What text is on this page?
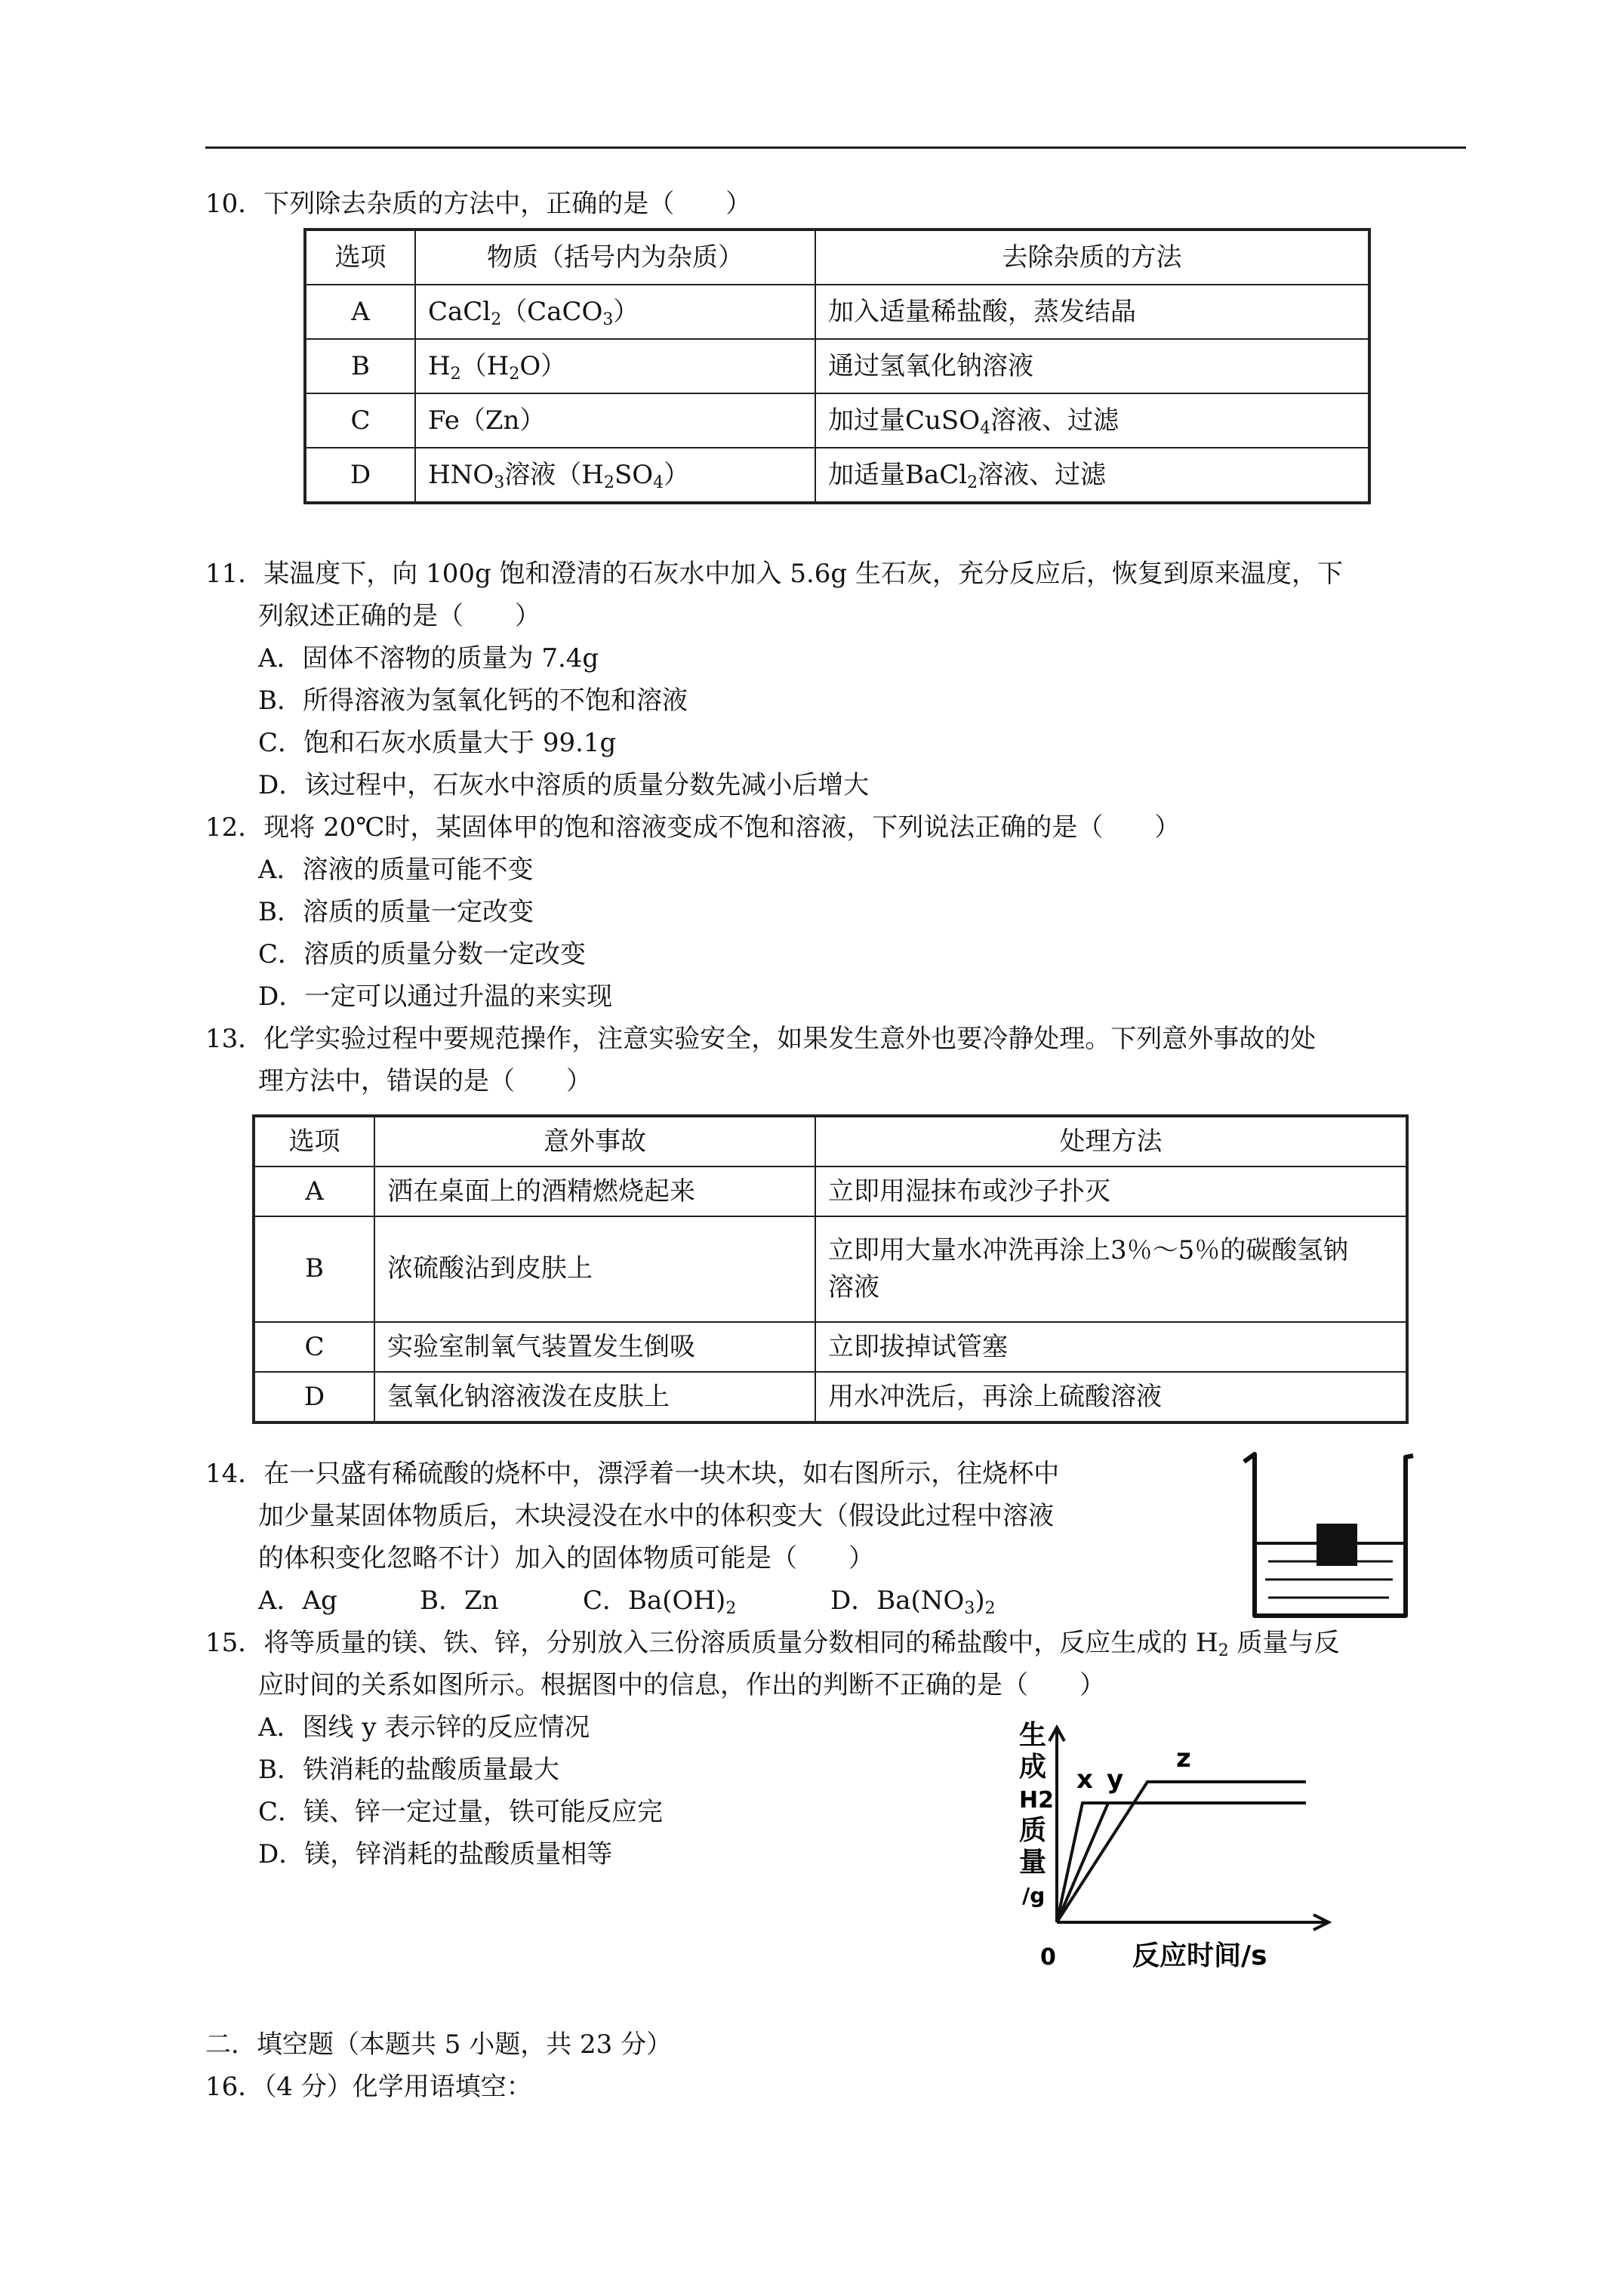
10．下列除去杂质的方法中，正确的是（　　）
选项	物质（括号内为杂质）	去除杂质的方法
A	CaCl$_2$（CaCO$_3$）	加入适量稀盐酸，蒸发结晶
B	$H_2(H_2O)$	通过氢氧化钠溶液
C	Fe（Zn）	加过量CuSO$_4$溶液、过滤
D	$HNO_3$溶液$(H_2SO_4)$	加适量BaCl$_2$溶液、过滤
11．某温度下，向 100g 饱和澄清的石灰水中加入 5.6g 生石灰，充分反应后，恢复到原来温度，下
列叙述正确的是（　　）
A．固体不溶物的质量为 7.4g
B．所得溶液为氢氧化钙的不饱和溶液
C．饱和石灰水质量大于 99.1g
D．该过程中，石灰水中溶质的质量分数先减小后增大
12．现将 20℃时，某固体甲的饱和溶液变成不饱和溶液，下列说法正确的是（　　）
A．溶液的质量可能不变
B．溶质的质量一定改变
C．溶质的质量分数一定改变
D．一定可以通过升温的来实现
13．化学实验过程中要规范操作，注意实验安全，如果发生意外也要冷静处理。下列意外事故的处
理方法中，错误的是（　　）
选项	意外事故	处理方法
A	洒在桌面上的酒精燃烧起来	立即用湿抹布或沙子扑灭
B	浓硫酸沾到皮肤上	立即用大量水冲洗再涂上3％～5％的碳酸氢钠
溶液

C	实验室制氧气装置发生倒吸	立即拔掉试管塞
D	氢氧化钠溶液泼在皮肤上	用水冲洗后，再涂上硫酸溶液
14．在一只盛有稀硫酸的烧杯中，漂浮着一块木块，如右图所示，往烧杯中
加少量某固体物质后，木块浸没在水中的体积变大（假设此过程中溶液
的体积变化忽略不计）加入的固体物质可能是（　　）
A．Ag	B．Zn	C．$Ba(OH)_2$	D．$Ba(NO_3)_2$
15．将等质量的镁、铁、锌，分别放入三份溶质质量分数相同的稀盐酸中，反应生成的 $H_2$ 质量与反
应时间的关系如图所示。根据图中的信息，作出的判断不正确的是（　　）
A．图线 y 表示锌的反应情况
B．铁消耗的盐酸质量最大
C．镁、锌一定过量，铁可能反应完
D．镁，锌消耗的盐酸质量相等
生
成
H2
质
量
/g
0	反应时间/s
x y
z
二．填空题（本题共 5 小题，共 23 分）
16．（4 分）化学用语填空：
